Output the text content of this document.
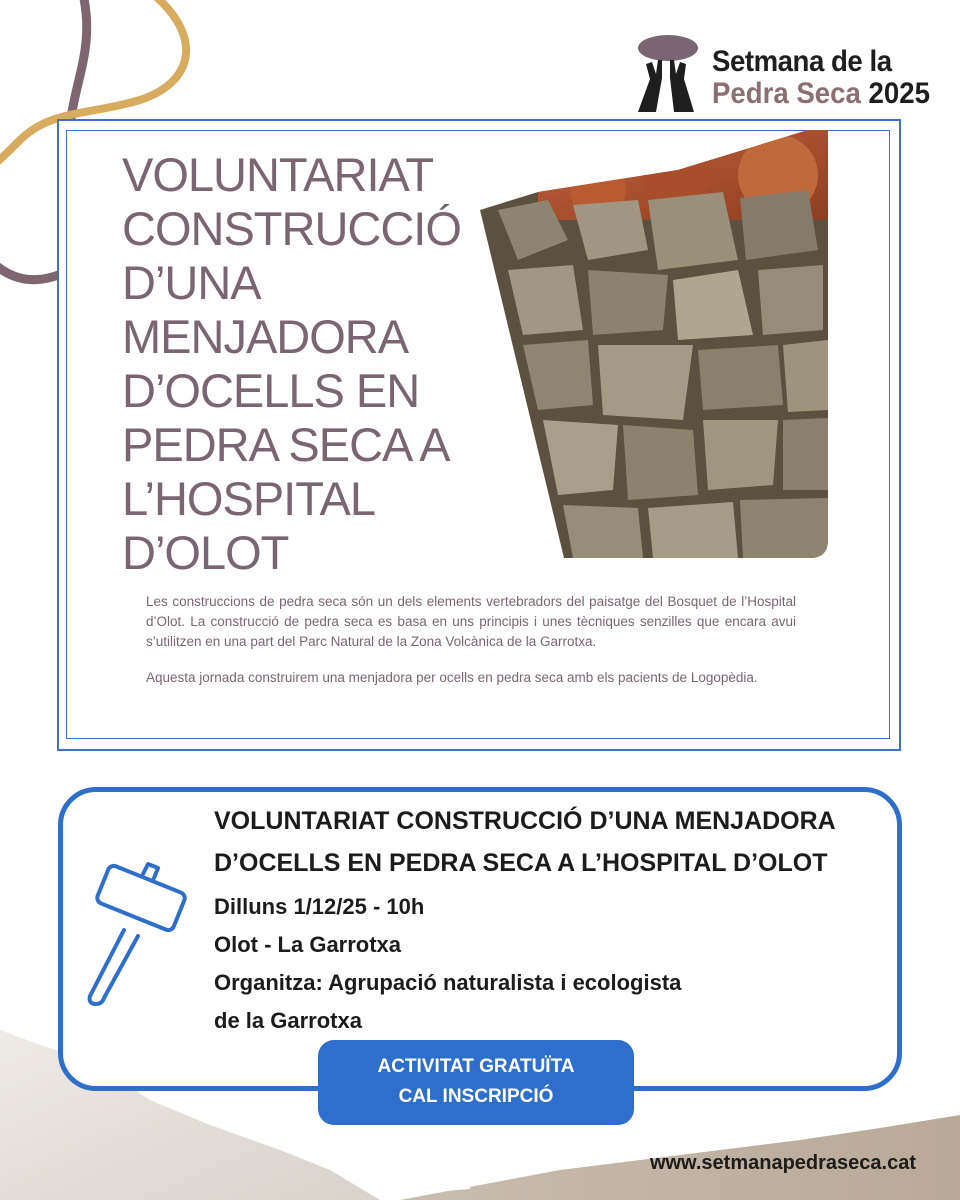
Setmana de la
Pedra Seca 2025
VOLUNTARIAT CONSTRUCCIÓ D’UNA MENJADORA D’OCELLS EN PEDRA SECA A L’HOSPITAL D’OLOT

Les construccions de pedra seca són un dels elements vertebradors del paisatge del Bosquet de l’Hospital d’Olot. La construcció de pedra seca es basa en uns principis i unes tècniques senzilles que encara avui s’utilitzen en una part del Parc Natural de la Zona Volcànica de la Garrotxa.

Aquesta jornada construirem una menjadora per ocells en pedra seca amb els pacients de Logopèdia.

VOLUNTARIAT CONSTRUCCIÓ D’UNA MENJADORA D’OCELLS EN PEDRA SECA A L’HOSPITAL D’OLOT
Dilluns 1/12/25 - 10h
Olot - La Garrotxa
Organitza: Agrupació naturalista i ecologista
de la Garrotxa
ACTIVITAT GRATUÏTA
CAL INSCRIPCIÓ
www.setmanapedraseca.cat
